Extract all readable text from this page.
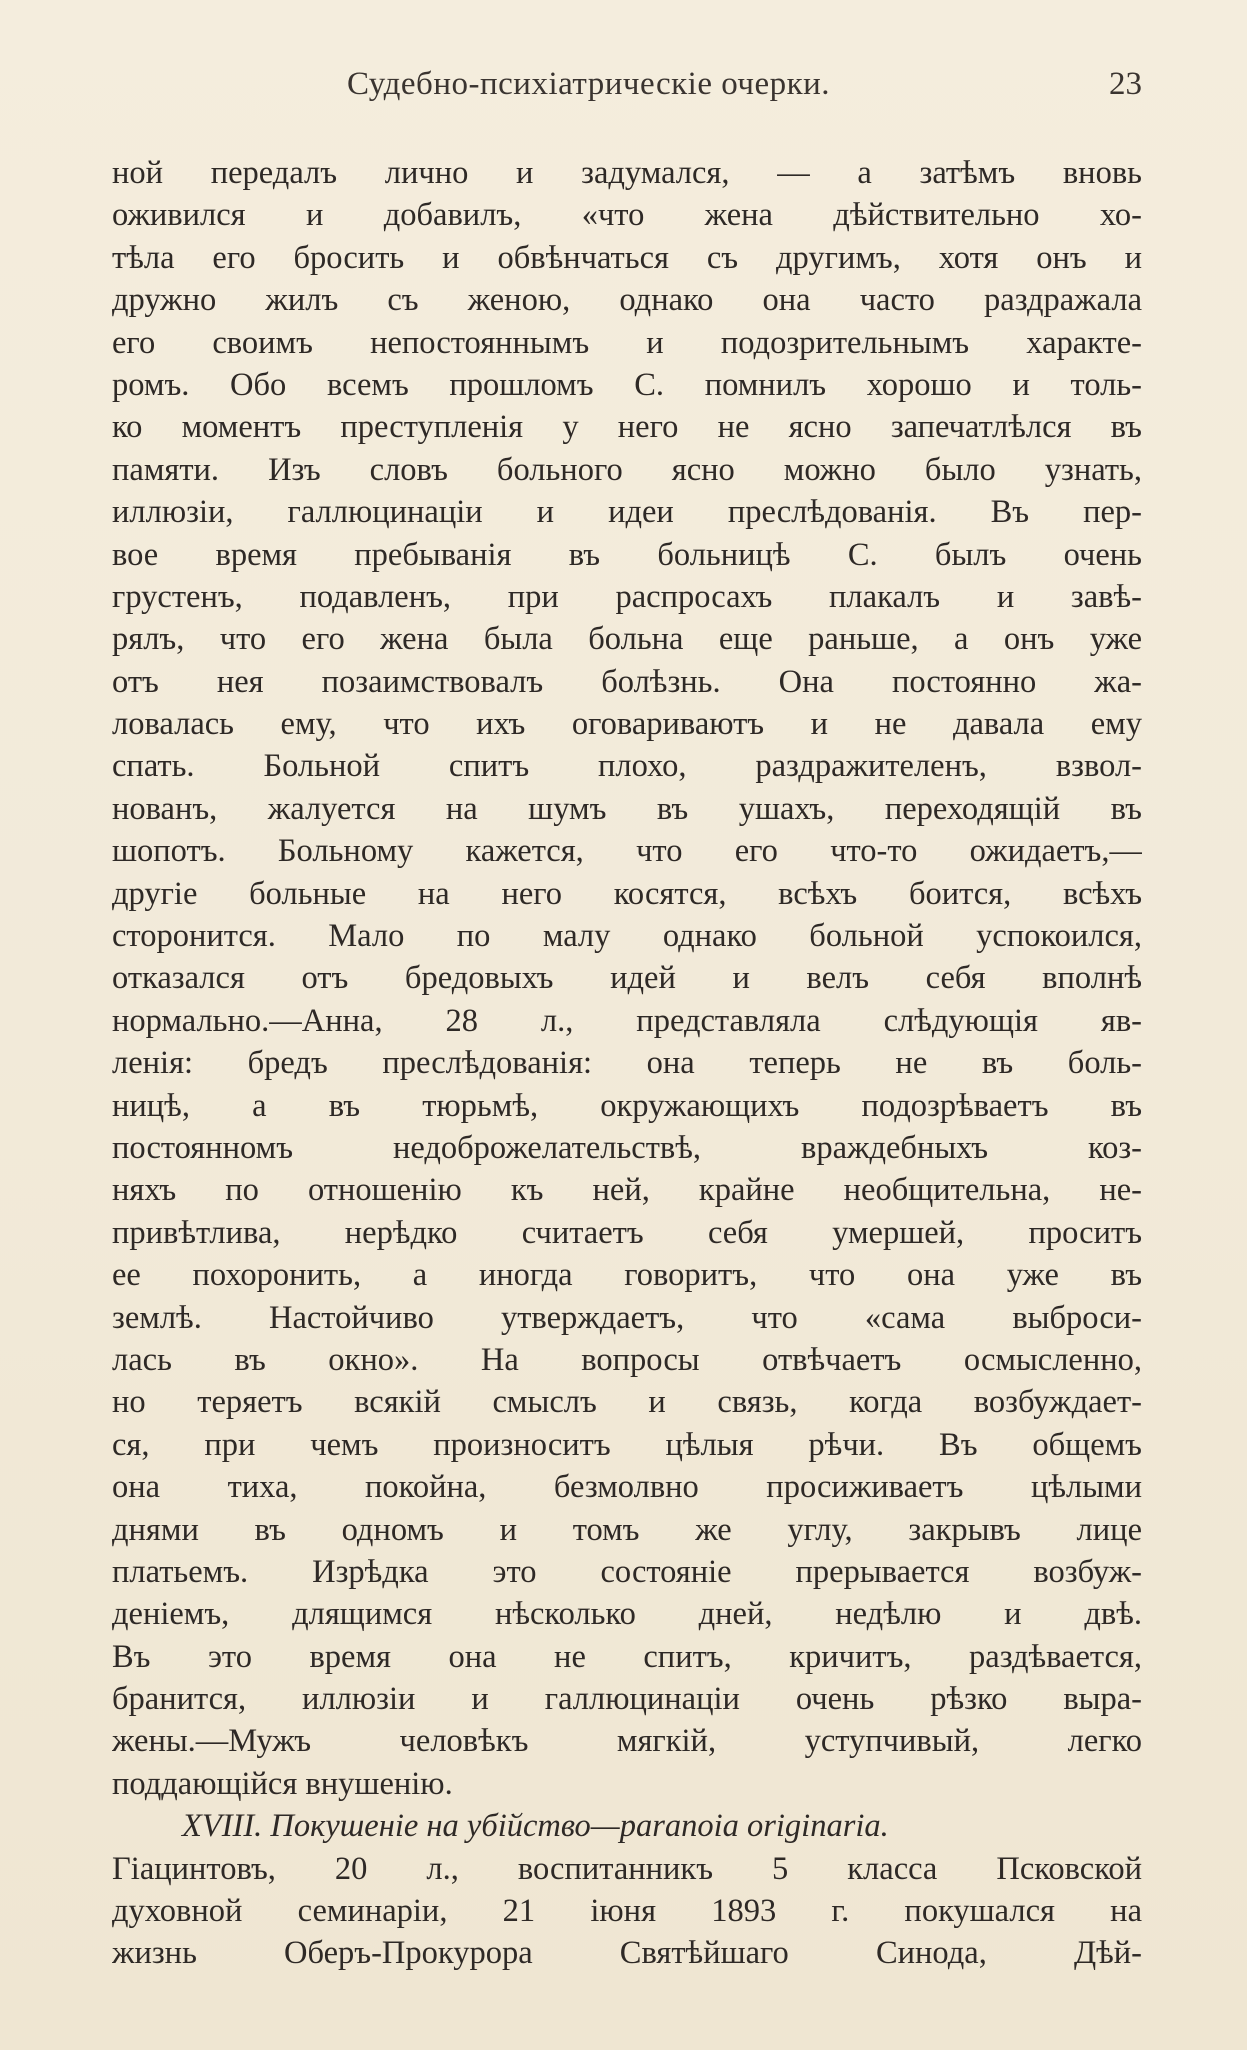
Судебно-психіатрическіе очерки.	23
ной передалъ лично и задумался, — а затѣмъ вновь
оживился и добавилъ, «что жена дѣйствительно хо-
тѣла его бросить и обвѣнчаться съ другимъ, хотя онъ и
дружно жилъ съ женою, однако она часто раздражала
его своимъ непостояннымъ и подозрительнымъ характе-
ромъ. Обо всемъ прошломъ С. помнилъ хорошо и толь-
ко моментъ преступленія у него не ясно запечатлѣлся въ
памяти. Изъ словъ больного ясно можно было узнать,
иллюзіи, галлюцинаціи и идеи преслѣдованія. Въ пер-
вое время пребыванія въ больницѣ С. былъ очень
грустенъ, подавленъ, при распросахъ плакалъ и завѣ-
рялъ, что его жена была больна еще раньше, а онъ уже
отъ нея позаимствовалъ болѣзнь. Она постоянно жа-
ловалась ему, что ихъ оговариваютъ и не давала ему
спать. Больной спитъ плохо, раздражителенъ, взвол-
нованъ, жалуется на шумъ въ ушахъ, переходящій въ
шопотъ. Больному кажется, что его что-то ожидаетъ,—
другіе больные на него косятся, всѣхъ боится, всѣхъ
сторонится. Мало по малу однако больной успокоился,
отказался отъ бредовыхъ идей и велъ себя вполнѣ
нормально.—Анна, 28 л., представляла слѣдующія яв-
ленія: бредъ преслѣдованія: она теперь не въ боль-
ницѣ, а въ тюрьмѣ, окружающихъ подозрѣваетъ въ
постоянномъ недоброжелательствѣ, враждебныхъ коз-
няхъ по отношенію къ ней, крайне необщительна, не-
привѣтлива, нерѣдко считаетъ себя умершей, проситъ
ее похоронить, а иногда говоритъ, что она уже въ
землѣ. Настойчиво утверждаетъ, что «сама выброси-
лась въ окно». На вопросы отвѣчаетъ осмысленно,
но теряетъ всякій смыслъ и связь, когда возбуждает-
ся, при чемъ произноситъ цѣлыя рѣчи. Въ общемъ
она тиха, покойна, безмолвно просиживаетъ цѣлыми
днями въ одномъ и томъ же углу, закрывъ лице
платьемъ. Изрѣдка это состояніе прерывается возбуж-
деніемъ, длящимся нѣсколько дней, недѣлю и двѣ.
Въ это время она не спитъ, кричитъ, раздѣвается,
бранится, иллюзіи и галлюцинаціи очень рѣзко выра-
жены.—Мужъ человѣкъ мягкій, уступчивый, легко
поддающійся внушенію.
XVIII. Покушеніе на убійство—paranoia originaria.
Гіацинтовъ, 20 л., воспитанникъ 5 класса Псковской
духовной семинаріи, 21 іюня 1893 г. покушался на
жизнь Оберъ-Прокурора Святѣйшаго Синода, Дѣй-
